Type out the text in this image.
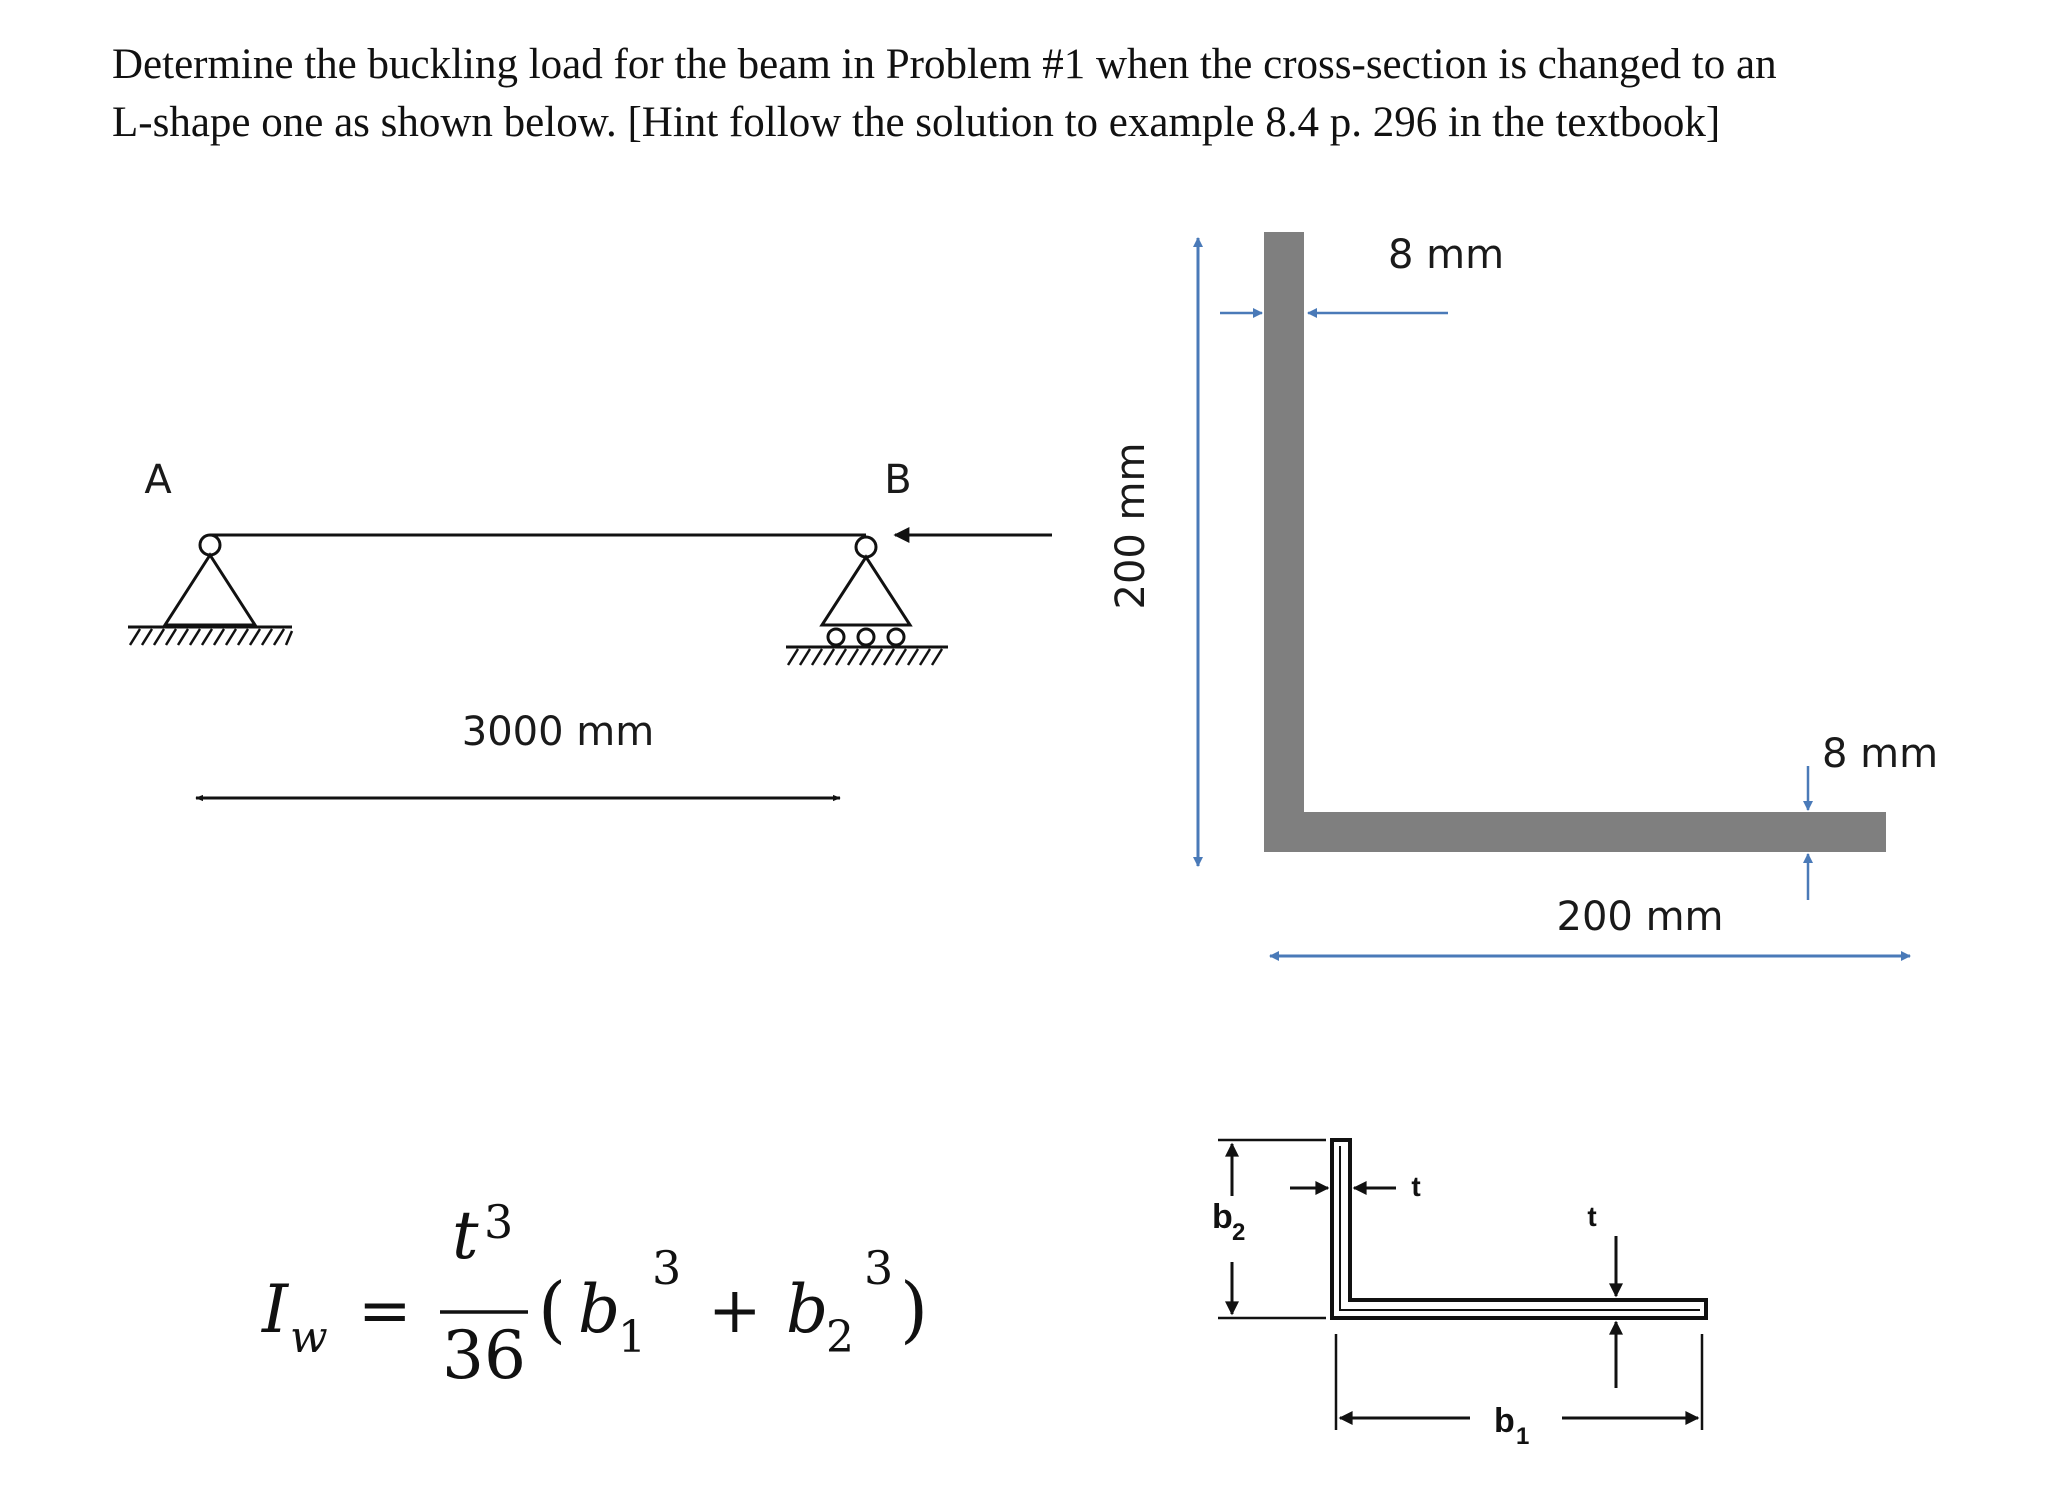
Determine the buckling load for the beam in Problem #1 when the cross-section is changed to an
L-shape one as shown below. [Hint follow the solution to example 8.4 p. 296 in the textbook]
A	B
3000 mm
200 mm
8 mm
8 mm
200 mm
I w =
t 3
36
( b
1
3
+ b
2
3 )
b 2
t
t
b 1
